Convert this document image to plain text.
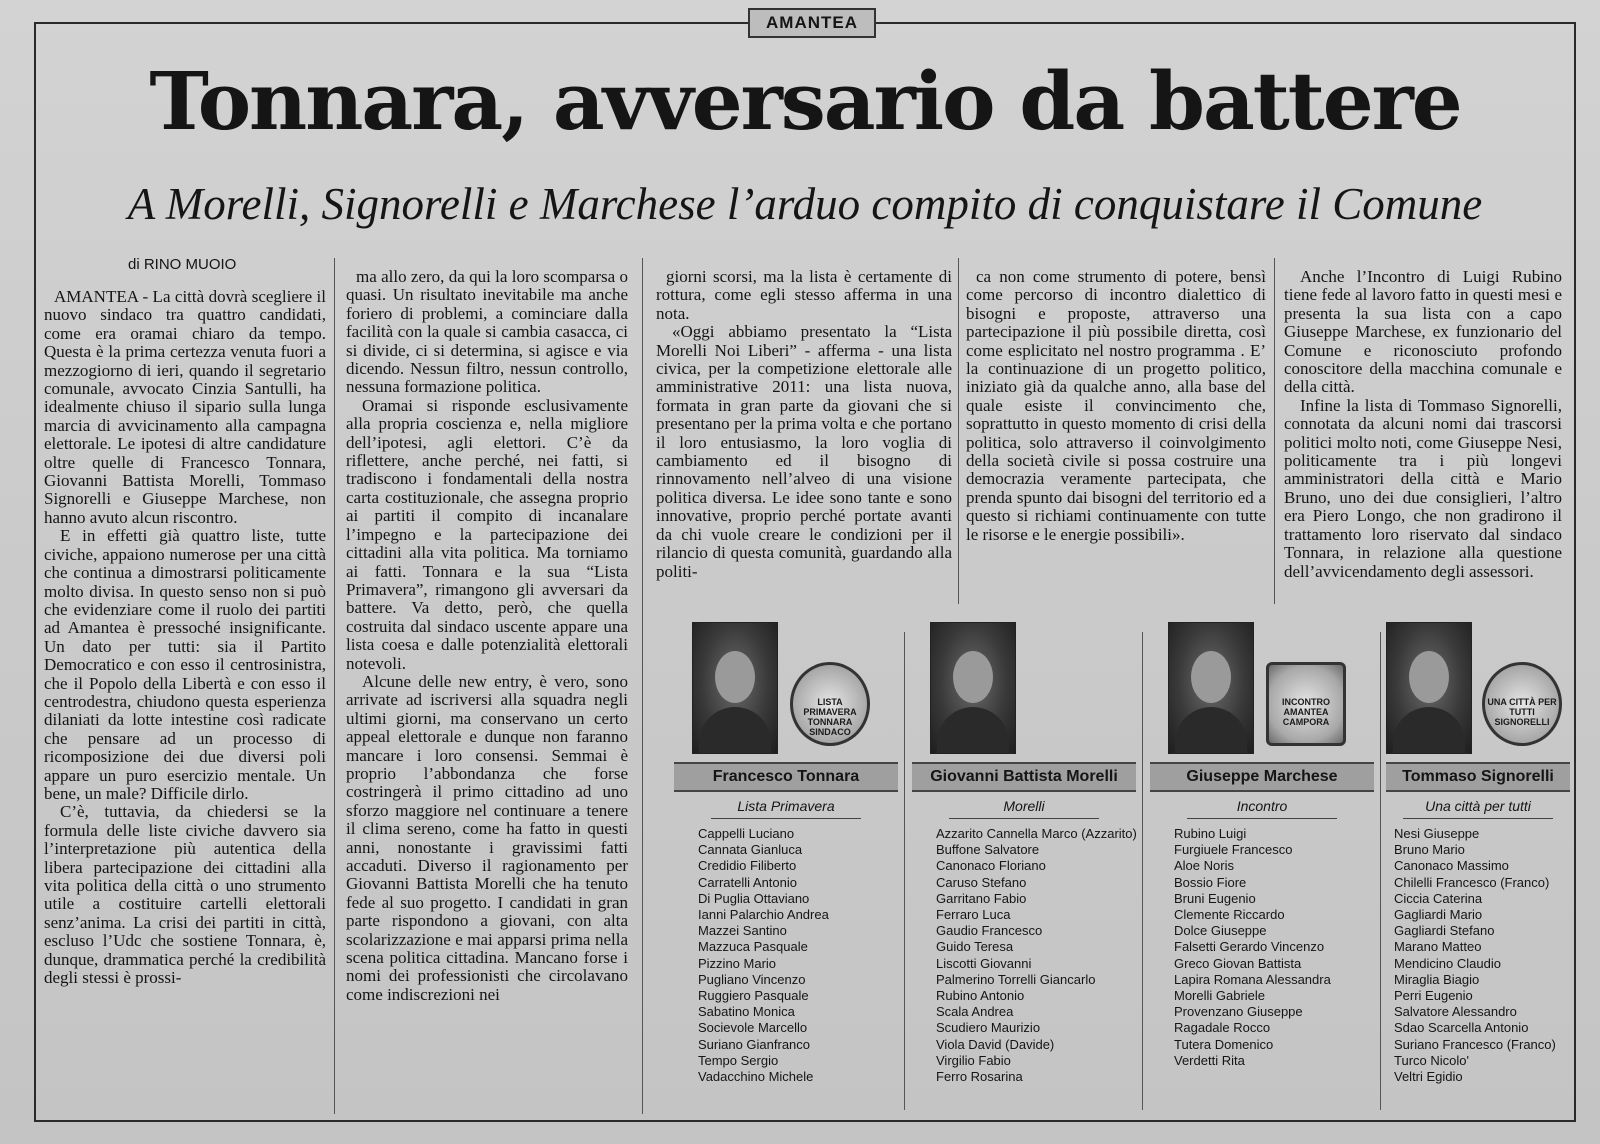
AMANTEA
Tonnara, avversario da battere
A Morelli, Signorelli e Marchese l’arduo compito di conquistare il Comune
di RINO MUOIO

AMANTEA - La città dovrà scegliere il nuovo sindaco tra quattro candidati, come era oramai chiaro da tempo. Questa è la prima certezza venuta fuori a mezzogiorno di ieri, quando il segretario comunale, avvocato Cinzia Santulli, ha idealmente chiuso il sipario sulla lunga marcia di avvicinamento alla campagna elettorale. Le ipotesi di altre candidature oltre quelle di Francesco Tonnara, Giovanni Battista Morelli, Tommaso Signorelli e Giuseppe Marchese, non hanno avuto alcun riscontro.

E in effetti già quattro liste, tutte civiche, appaiono numerose per una città che continua a dimostrarsi politicamente molto divisa. In questo senso non si può che evidenziare come il ruolo dei partiti ad Amantea è pressoché insignificante. Un dato per tutti: sia il Partito Democratico e con esso il centrosinistra, che il Popolo della Libertà e con esso il centrodestra, chiudono questa esperienza dilaniati da lotte intestine così radicate che pensare ad un processo di ricomposizione dei due diversi poli appare un puro esercizio mentale. Un bene, un male? Difficile dirlo.

C’è, tuttavia, da chiedersi se la formula delle liste civiche davvero sia l’interpretazione più autentica della libera partecipazione dei cittadini alla vita politica della città o uno strumento utile a costituire cartelli elettorali senz’anima. La crisi dei partiti in città, escluso l’Udc che sostiene Tonnara, è, dunque, drammatica perché la credibilità degli stessi è prossi-

ma allo zero, da qui la loro scomparsa o quasi. Un risultato inevitabile ma anche foriero di problemi, a cominciare dalla facilità con la quale si cambia casacca, ci si divide, ci si determina, si agisce e via dicendo. Nessun filtro, nessun controllo, nessuna formazione politica.

Oramai si risponde esclusivamente alla propria coscienza e, nella migliore dell’ipotesi, agli elettori. C’è da riflettere, anche perché, nei fatti, si tradiscono i fondamentali della nostra carta costituzionale, che assegna proprio ai partiti il compito di incanalare l’impegno e la partecipazione dei cittadini alla vita politica. Ma torniamo ai fatti. Tonnara e la sua “Lista Primavera”, rimangono gli avversari da battere. Va detto, però, che quella costruita dal sindaco uscente appare una lista coesa e dalle potenzialità elettorali notevoli.

Alcune delle new entry, è vero, sono arrivate ad iscriversi alla squadra negli ultimi giorni, ma conservano un certo appeal elettorale e dunque non faranno mancare i loro consensi. Semmai è proprio l’abbondanza che forse costringerà il primo cittadino ad uno sforzo maggiore nel continuare a tenere il clima sereno, come ha fatto in questi anni, nonostante i gravissimi fatti accaduti. Diverso il ragionamento per Giovanni Battista Morelli che ha tenuto fede al suo progetto. I candidati in gran parte rispondono a giovani, con alta scolarizzazione e mai apparsi prima nella scena politica cittadina. Mancano forse i nomi dei professionisti che circolavano come indiscrezioni nei

giorni scorsi, ma la lista è certamente di rottura, come egli stesso afferma in una nota.

«Oggi abbiamo presentato la “Lista Morelli Noi Liberi” - afferma - una lista civica, per la competizione elettorale alle amministrative 2011: una lista nuova, formata in gran parte da giovani che si presentano per la prima volta e che portano il loro entusiasmo, la loro voglia di cambiamento ed il bisogno di rinnovamento nell’alveo di una visione politica diversa. Le idee sono tante e sono innovative, proprio perché portate avanti da chi vuole creare le condizioni per il rilancio di questa comunità, guardando alla politi-

ca non come strumento di potere, bensì come percorso di incontro dialettico di bisogni e proposte, attraverso una partecipazione il più possibile diretta, così come esplicitato nel nostro programma . E’ la continuazione di un progetto politico, iniziato già da qualche anno, alla base del quale esiste il convincimento che, soprattutto in questo momento di crisi della politica, solo attraverso il coinvolgimento della società civile si possa costruire una democrazia veramente partecipata, che prenda spunto dai bisogni del territorio ed a questo si richiami continuamente con tutte le risorse e le energie possibili».

Anche l’Incontro di Luigi Rubino tiene fede al lavoro fatto in questi mesi e presenta la sua lista con a capo Giuseppe Marchese, ex funzionario del Comune e riconosciuto profondo conoscitore della macchina comunale e della città.

Infine la lista di Tommaso Signorelli, connotata da alcuni nomi dai trascorsi politici molto noti, come Giuseppe Nesi, politicamente tra i più longevi amministratori della città e Mario Bruno, uno dei due consiglieri, l’altro era Piero Longo, che non gradirono il trattamento loro riservato dal sindaco Tonnara, in relazione alla questione dell’avvicendamento degli assessori.

LISTA PRIMAVERA TONNARA SINDACO
Francesco Tonnara
Lista Primavera
Cappelli Luciano
Cannata Gianluca
Credidio Filiberto
Carratelli Antonio
Di Puglia Ottaviano
Ianni Palarchio Andrea
Mazzei Santino
Mazzuca Pasquale
Pizzino Mario
Pugliano Vincenzo
Ruggiero Pasquale
Sabatino Monica
Socievole Marcello
Suriano Gianfranco
Tempo Sergio
Vadacchino Michele
Giovanni Battista Morelli
Morelli
Azzarito Cannella Marco (Azzarito)
Buffone Salvatore
Canonaco Floriano
Caruso Stefano
Garritano Fabio
Ferraro Luca
Gaudio Francesco
Guido Teresa
Liscotti Giovanni
Palmerino Torrelli Giancarlo
Rubino Antonio
Scala Andrea
Scudiero Maurizio
Viola David (Davide)
Virgilio Fabio
Ferro Rosarina
INCONTRO AMANTEA CAMPORA
Giuseppe Marchese
Incontro
Rubino Luigi
Furgiuele Francesco
Aloe Noris
Bossio Fiore
Bruni Eugenio
Clemente Riccardo
Dolce Giuseppe
Falsetti Gerardo Vincenzo
Greco Giovan Battista
Lapira Romana Alessandra
Morelli Gabriele
Provenzano Giuseppe
Ragadale Rocco
Tutera Domenico
Verdetti Rita
UNA CITTÀ PER TUTTI SIGNORELLI
Tommaso Signorelli
Una città per tutti
Nesi Giuseppe
Bruno Mario
Canonaco Massimo
Chilelli Francesco (Franco)
Ciccia Caterina
Gagliardi Mario
Gagliardi Stefano
Marano Matteo
Mendicino Claudio
Miraglia Biagio
Perri Eugenio
Salvatore Alessandro
Sdao Scarcella Antonio
Suriano Francesco (Franco)
Turco Nicolo'
Veltri Egidio
